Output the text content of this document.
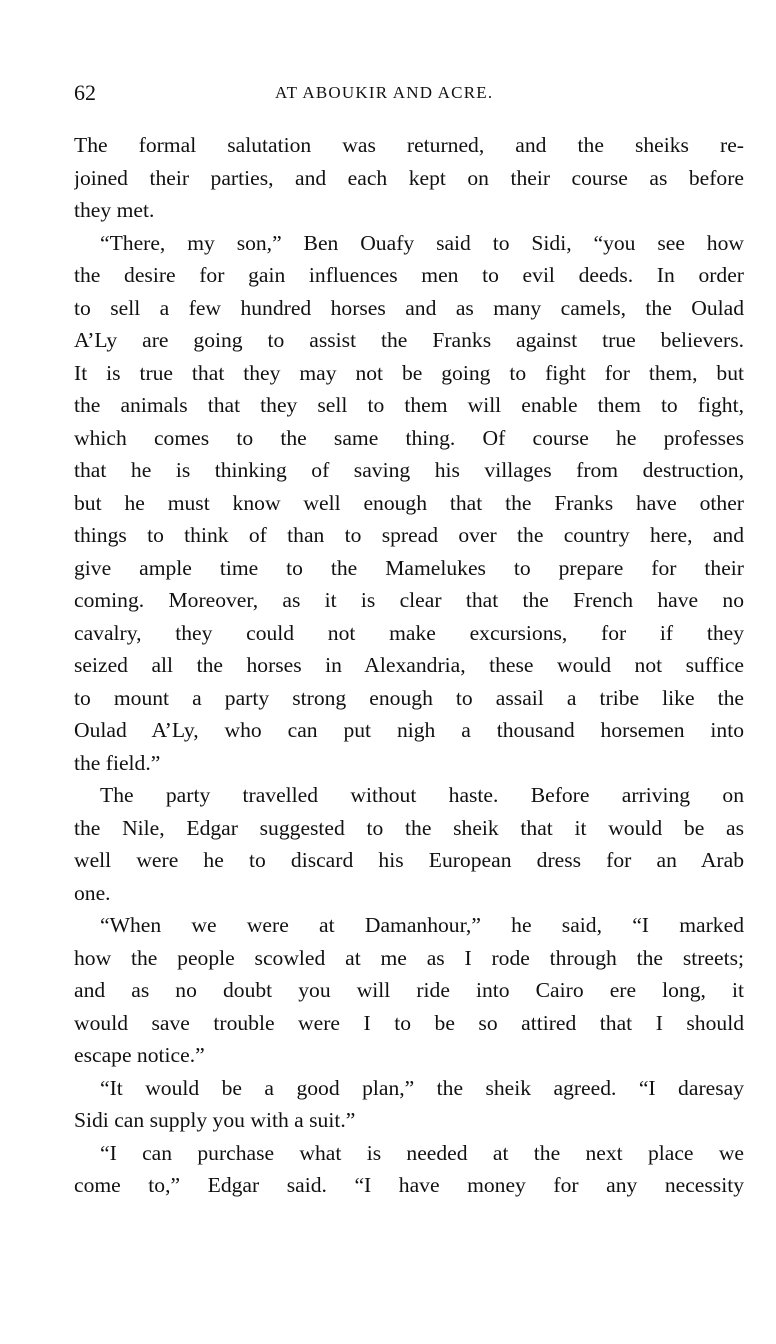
62	AT ABOUKIR AND ACRE.

The formal salutation was returned, and the sheiks re-
joined their parties, and each kept on their course as before
they met.

“There, my son,” Ben Ouafy said to Sidi, “you see how
the desire for gain influences men to evil deeds. In order
to sell a few hundred horses and as many camels, the Oulad
A’Ly are going to assist the Franks against true believers.
It is true that they may not be going to fight for them, but
the animals that they sell to them will enable them to fight,
which comes to the same thing. Of course he professes
that he is thinking of saving his villages from destruction,
but he must know well enough that the Franks have other
things to think of than to spread over the country here, and
give ample time to the Mamelukes to prepare for their
coming. Moreover, as it is clear that the French have no
cavalry, they could not make excursions, for if they
seized all the horses in Alexandria, these would not suffice
to mount a party strong enough to assail a tribe like the
Oulad A’Ly, who can put nigh a thousand horsemen into
the field.”

The party travelled without haste. Before arriving on
the Nile, Edgar suggested to the sheik that it would be as
well were he to discard his European dress for an Arab
one.

“When we were at Damanhour,” he said, “I marked
how the people scowled at me as I rode through the streets;
and as no doubt you will ride into Cairo ere long, it
would save trouble were I to be so attired that I should
escape notice.”

“It would be a good plan,” the sheik agreed. “I daresay
Sidi can supply you with a suit.”

“I can purchase what is needed at the next place we
come to,” Edgar said. “I have money for any necessity
